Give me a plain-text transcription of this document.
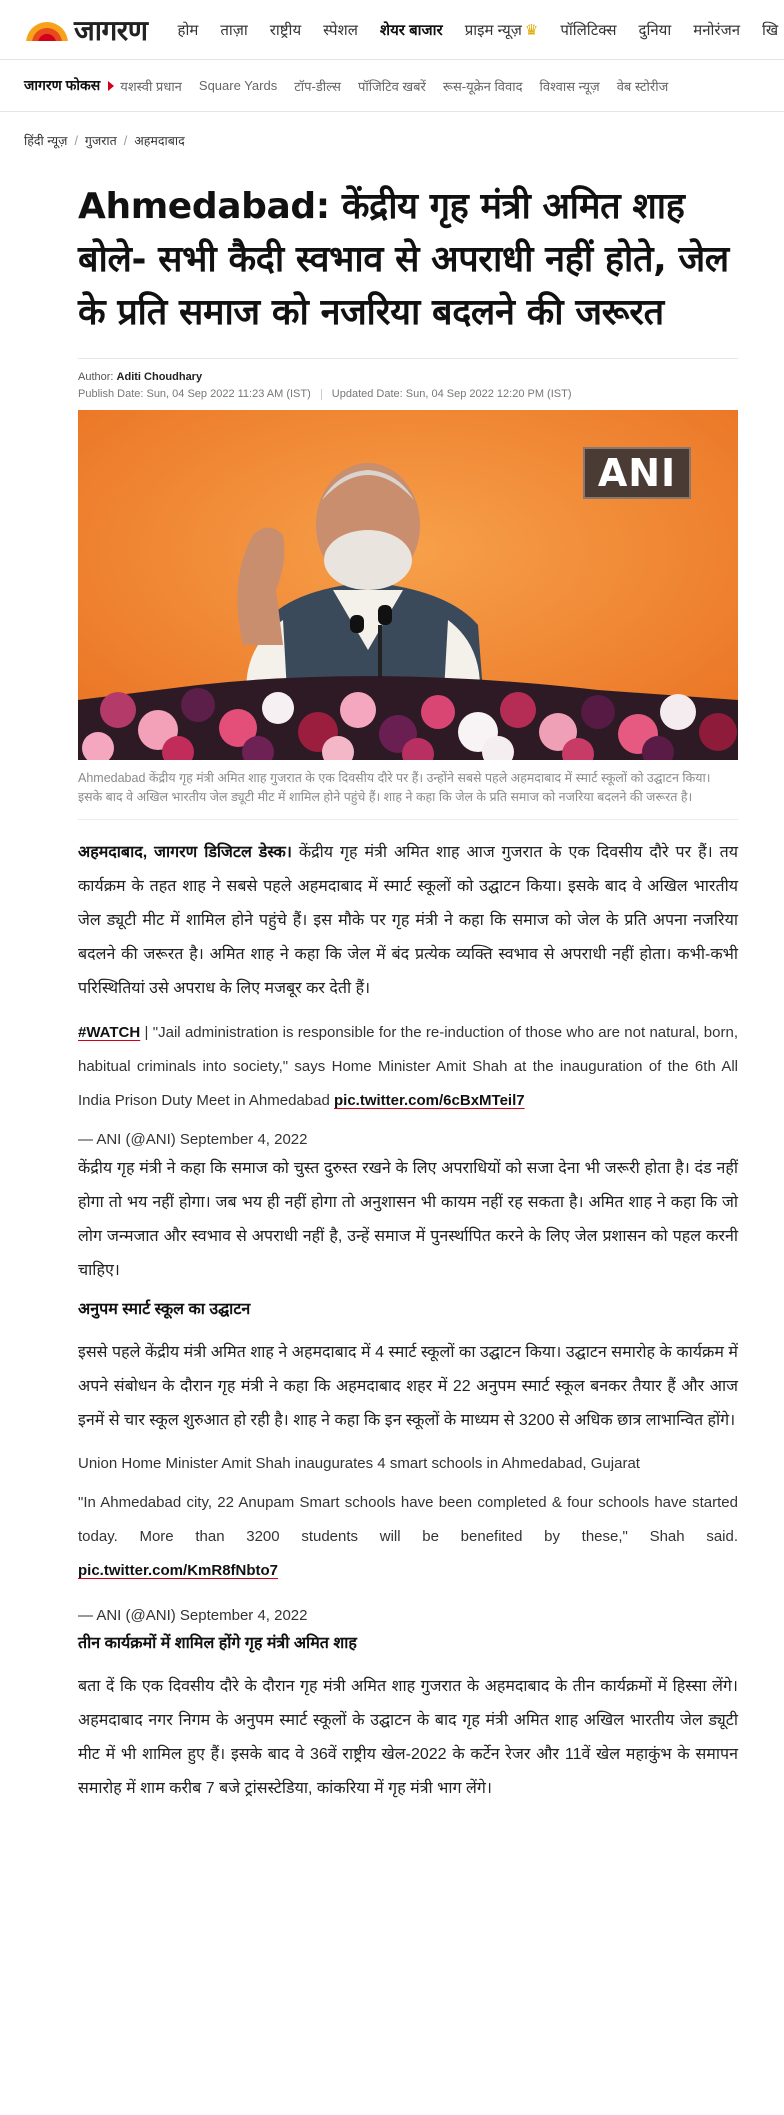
जागरण होम ताज़ा राष्ट्रीय स्पेशल शेयर बाजार प्राइम न्यूज़ ♛ पॉलिटिक्स दुनिया मनोरंजन खि
जागरण फोकस यशस्वी प्रधान Square Yards टॉप-डील्स पॉजिटिव खबरें रूस-यूक्रेन विवाद विश्वास न्यूज़ वेब स्टोरीज
हिंदी न्यूज़ / गुजरात / अहमदाबाद
Ahmedabad: केंद्रीय गृह मंत्री अमित शाह बोले- सभी कैदी स्वभाव से अपराधी नहीं होते, जेल के प्रति समाज को नजरिया बदलने की जरूरत
Author: Aditi Choudhary
Publish Date: Sun, 04 Sep 2022 11:23 AM (IST) Updated Date: Sun, 04 Sep 2022 12:20 PM (IST)
ANI

Ahmedabad केंद्रीय गृह मंत्री अमित शाह गुजरात के एक दिवसीय दौरे पर हैं। उन्होंने सबसे पहले अहमदाबाद में स्मार्ट स्कूलों को उद्घाटन किया। इसके बाद वे अखिल भारतीय जेल ड्यूटी मीट में शामिल होने पहुंचे हैं। शाह ने कहा कि जेल के प्रति समाज को नजरिया बदलने की जरूरत है।

अहमदाबाद, जागरण डिजिटल डेस्क। केंद्रीय गृह मंत्री अमित शाह आज गुजरात के एक दिवसीय दौरे पर हैं। तय कार्यक्रम के तहत शाह ने सबसे पहले अहमदाबाद में स्मार्ट स्कूलों को उद्घाटन किया। इसके बाद वे अखिल भारतीय जेल ड्यूटी मीट में शामिल होने पहुंचे हैं। इस मौके पर गृह मंत्री ने कहा कि समाज को जेल के प्रति अपना नजरिया बदलने की जरूरत है। अमित शाह ने कहा कि जेल में बंद प्रत्येक व्यक्ति स्वभाव से अपराधी नहीं होता। कभी-कभी परिस्थितियां उसे अपराध के लिए मजबूर कर देती हैं।

#WATCH | "Jail administration is responsible for the re-induction of those who are not natural, born, habitual criminals into society," says Home Minister Amit Shah at the inauguration of the 6th All India Prison Duty Meet in Ahmedabad pic.twitter.com/6cBxMTeil7

— ANI (@ANI) September 4, 2022

केंद्रीय गृह मंत्री ने कहा कि समाज को चुस्त दुरुस्त रखने के लिए अपराधियों को सजा देना भी जरूरी होता है। दंड नहीं होगा तो भय नहीं होगा। जब भय ही नहीं होगा तो अनुशासन भी कायम नहीं रह सकता है। अमित शाह ने कहा कि जो लोग जन्मजात और स्वभाव से अपराधी नहीं है, उन्हें समाज में पुनर्स्थापित करने के लिए जेल प्रशासन को पहल करनी चाहिए।

अनुपम स्मार्ट स्कूल का उद्घाटन

इससे पहले केंद्रीय मंत्री अमित शाह ने अहमदाबाद में 4 स्मार्ट स्कूलों का उद्घाटन किया। उद्घाटन समारोह के कार्यक्रम में अपने संबोधन के दौरान गृह मंत्री ने कहा कि अहमदाबाद शहर में 22 अनुपम स्मार्ट स्कूल बनकर तैयार हैं और आज इनमें से चार स्कूल शुरुआत हो रही है। शाह ने कहा कि इन स्कूलों के माध्यम से 3200 से अधिक छात्र लाभान्वित होंगे।

Union Home Minister Amit Shah inaugurates 4 smart schools in Ahmedabad, Gujarat

"In Ahmedabad city, 22 Anupam Smart schools have been completed & four schools have started today. More than 3200 students will be benefited by these," Shah said. pic.twitter.com/KmR8fNbto7

— ANI (@ANI) September 4, 2022

तीन कार्यक्रमों में शामिल होंगे गृह मंत्री अमित शाह

बता दें कि एक दिवसीय दौरे के दौरान गृह मंत्री अमित शाह गुजरात के अहमदाबाद के तीन कार्यक्रमों में हिस्सा लेंगे। अहमदाबाद नगर निगम के अनुपम स्मार्ट स्कूलों के उद्घाटन के बाद गृह मंत्री अमित शाह अखिल भारतीय जेल ड्यूटी मीट में भी शामिल हुए हैं। इसके बाद वे 36वें राष्ट्रीय खेल-2022 के कर्टेन रेजर और 11वें खेल महाकुंभ के समापन समारोह में शाम करीब 7 बजे ट्रांसस्टेडिया, कांकरिया में गृह मंत्री भाग लेंगे।
